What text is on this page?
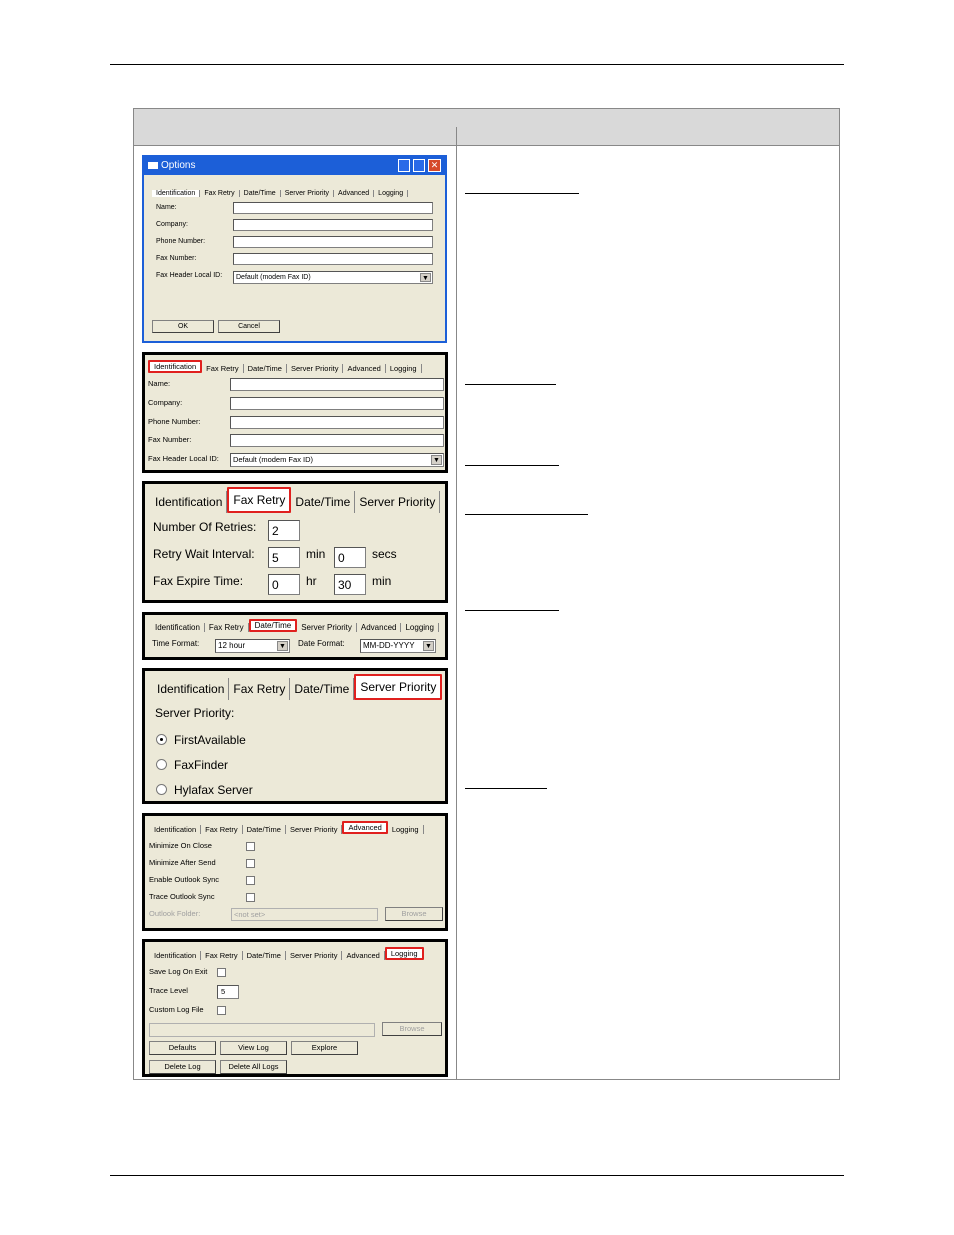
Options	✕
Identification	Fax Retry	Date/Time	Server Priority	Advanced	Logging
Name:
Company:
Phone Number:
Fax Number:
Fax Header Local ID:	Default (modem Fax ID)	▼
OK	Cancel
Identification	Fax Retry	Date/Time	Server Priority	Advanced	Logging
Name:
Company:
Phone Number:
Fax Number:
Fax Header Local ID:	Default (modem Fax ID)	▼
Identification Fax Retry Date/Time Server Priority
Number Of Retries:	2
Retry Wait Interval:	5	min	0	secs
Fax Expire Time:	0	hr	30	min
Identification	Fax Retry	Date/Time	Server Priority	Advanced	Logging
Time Format:	12 hour	▼ Date Format:	MM-DD-YYYY ▼
Identification Fax Retry Date/Time Server Priority
Server Priority:
FirstAvailable
FaxFinder
Hylafax Server
Identification	Fax Retry	Date/Time	Server Priority	Advanced	Logging
Minimize On Close
Minimize After Send
Enable Outlook Sync
Trace Outlook Sync
Outlook Folder:	<not set>	Browse
Identification	Fax Retry	Date/Time	Server Priority	Advanced	Logging
Save Log On Exit
Trace Level	5
Custom Log File
Browse
Defaults	View Log	Explore
Delete Log	Delete All Logs
